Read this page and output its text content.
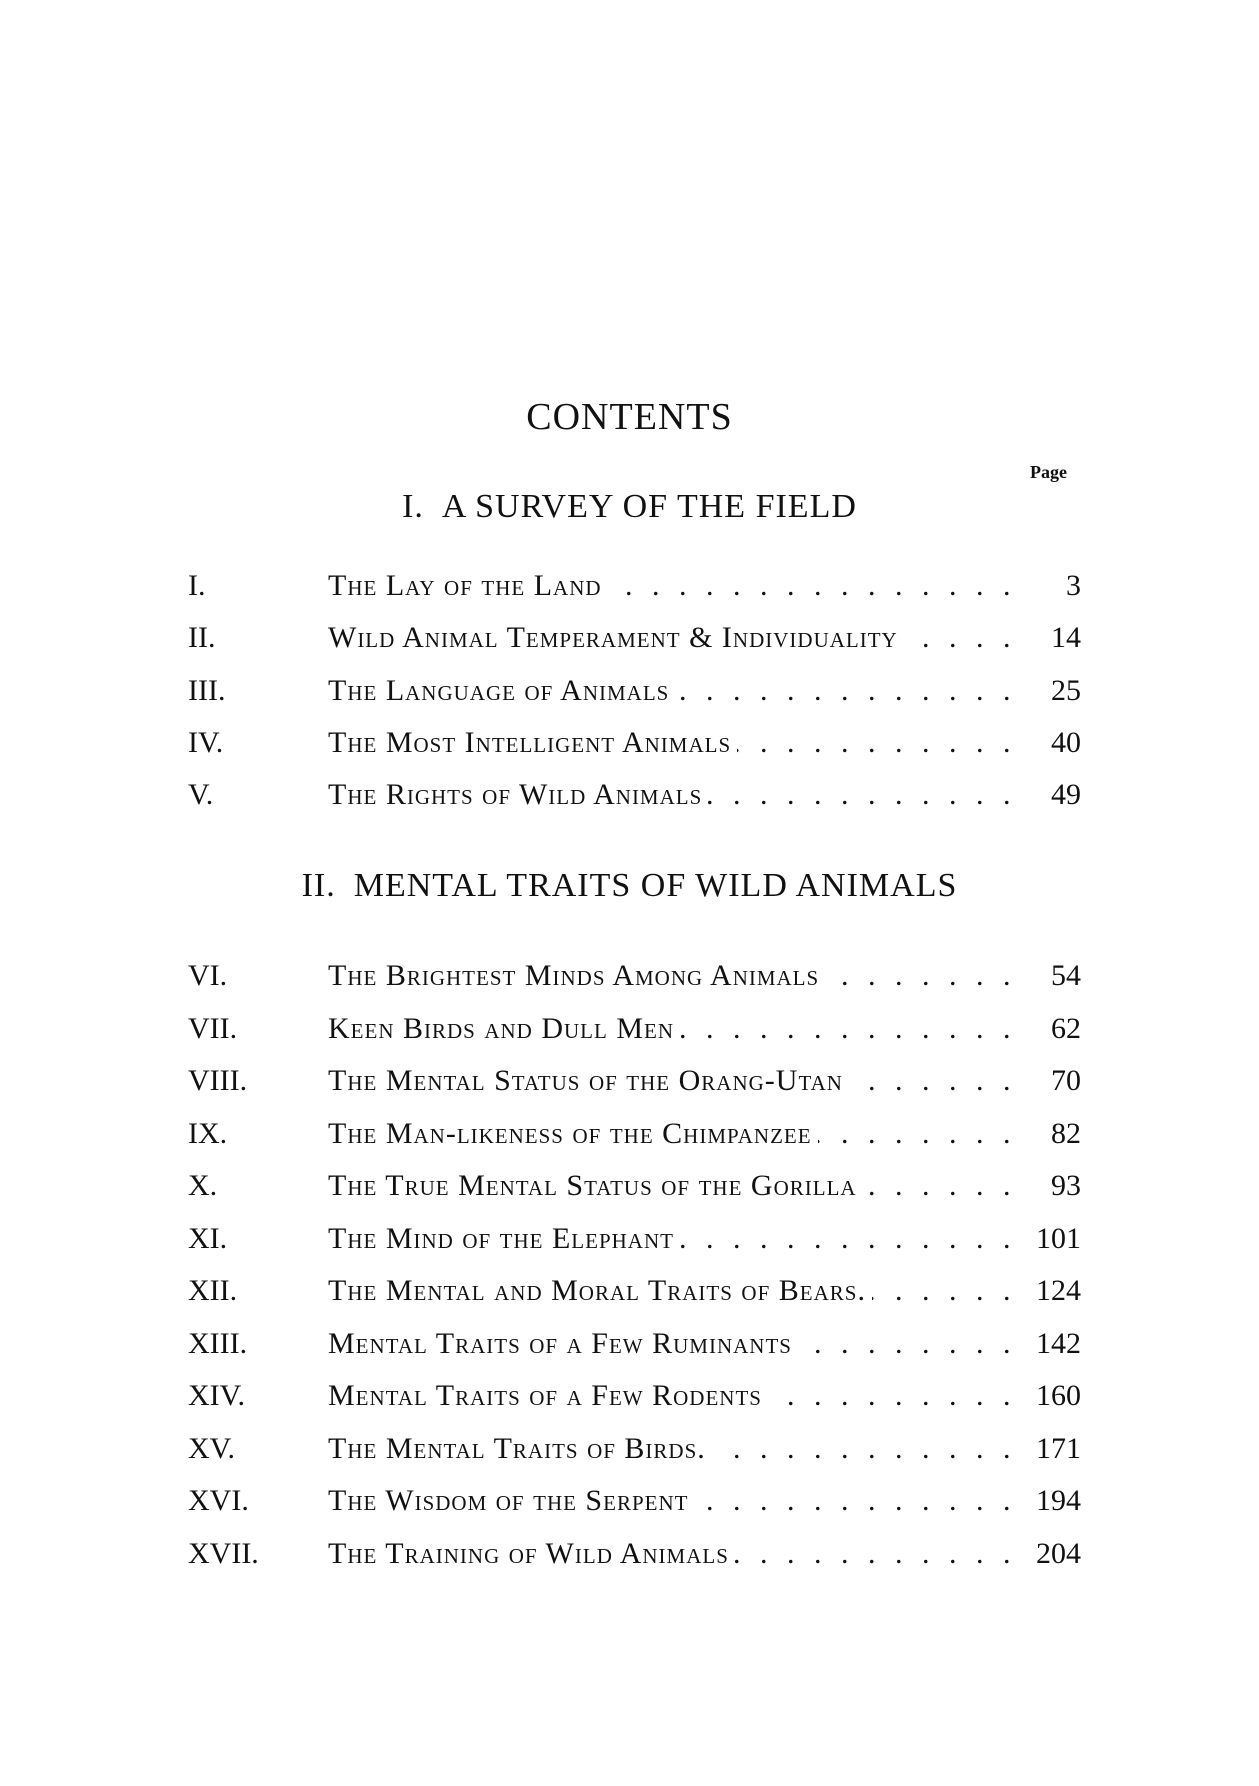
CONTENTS
Page
I. A SURVEY OF THE FIELD
I.	The Lay of the Land . . .	3
II.	Wild Animal Temperament & Individuality . . .	14
III.	The Language of Animals . . .	25
IV.	The Most Intelligent Animals . . .	40
V.	The Rights of Wild Animals . . .	49
II. MENTAL TRAITS OF WILD ANIMALS
VI.	The Brightest Minds Among Animals . . .	54
VII.	Keen Birds and Dull Men . . .	62
VIII.	The Mental Status of the Orang-Utan . . .	70
IX.	The Man-likeness of the Chimpanzee . . .	82
X.	The True Mental Status of the Gorilla . . .	93
XI.	The Mind of the Elephant . . .	101
XII.	The Mental and Moral Traits of Bears. . . .	124
XIII.	Mental Traits of a Few Ruminants . . .	142
XIV.	Mental Traits of a Few Rodents . . .	160
XV.	The Mental Traits of Birds. . . .	171
XVI.	The Wisdom of the Serpent . . .	194
XVII. The Training of Wild Animals . . .	204
